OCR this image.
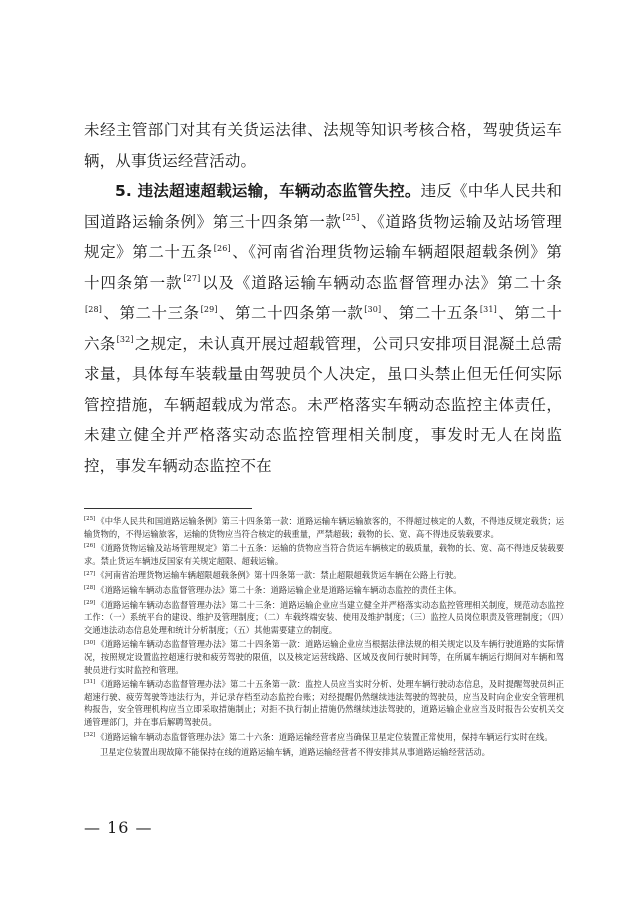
未经主管部门对其有关货运法律、法规等知识考核合格，驾驶货运车辆，从事货运经营活动。

5. 违法超速超载运输，车辆动态监管失控。违反《中华人民共和国道路运输条例》第三十四条第一款[25]、《道路货物运输及站场管理规定》第二十五条[26]、《河南省治理货物运输车辆超限超载条例》第十四条第一款[27]以及《道路运输车辆动态监督管理办法》第二十条[28]、第二十三条[29]、第二十四条第一款[30]、第二十五条[31]、第二十六条[32]之规定，未认真开展过超载管理，公司只安排项目混凝土总需求量，具体每车装载量由驾驶员个人决定，虽口头禁止但无任何实际管控措施，车辆超载成为常态。未严格落实车辆动态监控主体责任，未建立健全并严格落实动态监控管理相关制度，事发时无人在岗监控，事发车辆动态监控不在

[25]《中华人民共和国道路运输条例》第三十四条第一款：道路运输车辆运输旅客的，不得超过核定的人数，不得违反规定载货；运输货物的，不得运输旅客，运输的货物应当符合核定的载重量，严禁超载；载物的长、宽、高不得违反装载要求。

[26]《道路货物运输及站场管理规定》第二十五条：运输的货物应当符合货运车辆核定的载质量，载物的长、宽、高不得违反装载要求。禁止货运车辆违反国家有关规定超限、超载运输。

[27]《河南省治理货物运输车辆超限超载条例》第十四条第一款：禁止超限超载货运车辆在公路上行驶。

[28]《道路运输车辆动态监督管理办法》第二十条：道路运输企业是道路运输车辆动态监控的责任主体。

[29]《道路运输车辆动态监督管理办法》第二十三条：道路运输企业应当建立健全并严格落实动态监控管理相关制度，规范动态监控工作：（一）系统平台的建设、维护及管理制度；（二）车载终端安装、使用及维护制度；（三）监控人员岗位职责及管理制度；（四）交通违法动态信息处理和统计分析制度；（五）其他需要建立的制度。

[30]《道路运输车辆动态监督管理办法》第二十四条第一款：道路运输企业应当根据法律法规的相关规定以及车辆行驶道路的实际情况，按照规定设置监控超速行驶和疲劳驾驶的限值，以及核定运营线路、区域及夜间行驶时间等，在所属车辆运行期间对车辆和驾驶员进行实时监控和管理。

[31]《道路运输车辆动态监督管理办法》第二十五条第一款：监控人员应当实时分析、处理车辆行驶动态信息，及时提醒驾驶员纠正超速行驶、疲劳驾驶等违法行为，并记录存档至动态监控台账；对经提醒仍然继续违法驾驶的驾驶员，应当及时向企业安全管理机构报告，安全管理机构应当立即采取措施制止；对拒不执行制止措施仍然继续违法驾驶的，道路运输企业应当及时报告公安机关交通管理部门，并在事后解聘驾驶员。

[32]《道路运输车辆动态监督管理办法》第二十六条：道路运输经营者应当确保卫星定位装置正常使用，保持车辆运行实时在线。

卫星定位装置出现故障不能保持在线的道路运输车辆，道路运输经营者不得安排其从事道路运输经营活动。

— 16 —
